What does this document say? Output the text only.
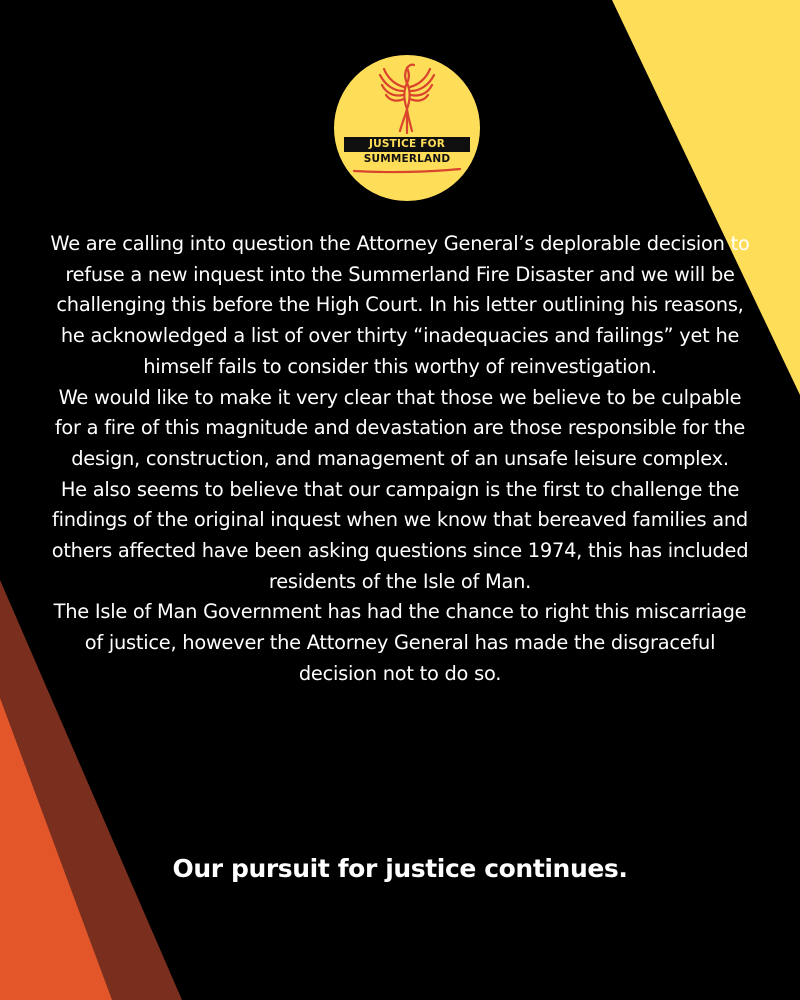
JUSTICE FOR
SUMMERLAND

We are calling into question the Attorney General’s deplorable decision to refuse a new inquest into the Summerland Fire Disaster and we will be challenging this before the High Court. In his letter outlining his reasons, he acknowledged a list of over thirty “inadequacies and failings” yet he himself fails to consider this worthy of reinvestigation.

We would like to make it very clear that those we believe to be culpable for a fire of this magnitude and devastation are those responsible for the design, construction, and management of an unsafe leisure complex.

He also seems to believe that our campaign is the first to challenge the findings of the original inquest when we know that bereaved families and others affected have been asking questions since 1974, this has included residents of the Isle of Man.

The Isle of Man Government has had the chance to right this miscarriage of justice, however the Attorney General has made the disgraceful decision not to do so.

Our pursuit for justice continues.
